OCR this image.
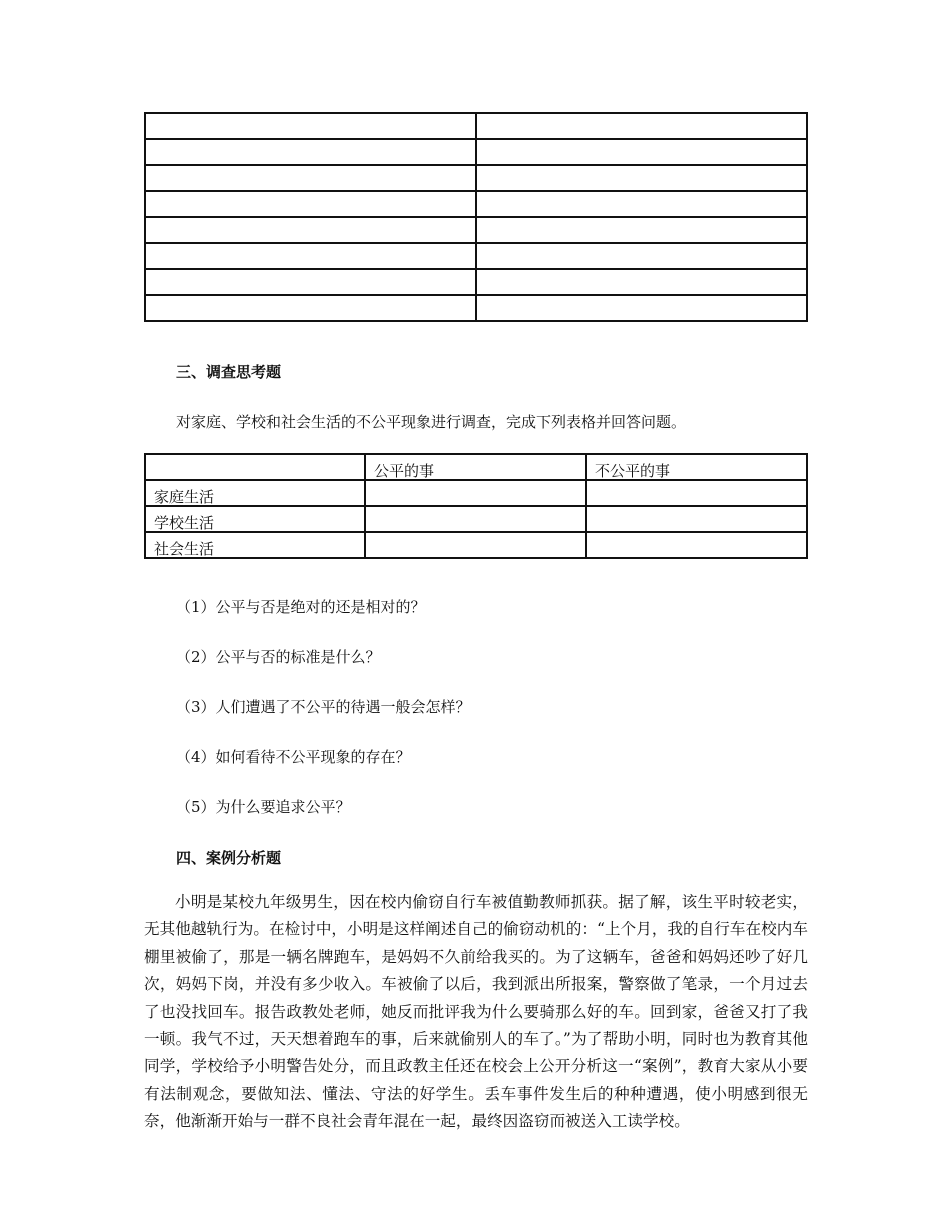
三、调查思考题
对家庭、学校和社会生活的不公平现象进行调查，完成下列表格并回答问题。
	公平的事	不公平的事
家庭生活		
学校生活		
社会生活		
（1）公平与否是绝对的还是相对的？
（2）公平与否的标准是什么？
（3）人们遭遇了不公平的待遇一般会怎样？
（4）如何看待不公平现象的存在？
（5）为什么要追求公平？
四、案例分析题

小明是某校九年级男生，因在校内偷窃自行车被值勤教师抓获。据了解，该生平时较老实，无其他越轨行为。在检讨中，小明是这样阐述自己的偷窃动机的：“上个月，我的自行车在校内车棚里被偷了，那是一辆名牌跑车，是妈妈不久前给我买的。为了这辆车，爸爸和妈妈还吵了好几次，妈妈下岗，并没有多少收入。车被偷了以后，我到派出所报案，警察做了笔录，一个月过去了也没找回车。报告政教处老师，她反而批评我为什么要骑那么好的车。回到家，爸爸又打了我一顿。我气不过，天天想着跑车的事，后来就偷别人的车了。”为了帮助小明，同时也为教育其他同学，学校给予小明警告处分，而且政教主任还在校会上公开分析这一“案例”，教育大家从小要有法制观念，要做知法、懂法、守法的好学生。丢车事件发生后的种种遭遇，使小明感到很无奈，他渐渐开始与一群不良社会青年混在一起，最终因盗窃而被送入工读学校。
